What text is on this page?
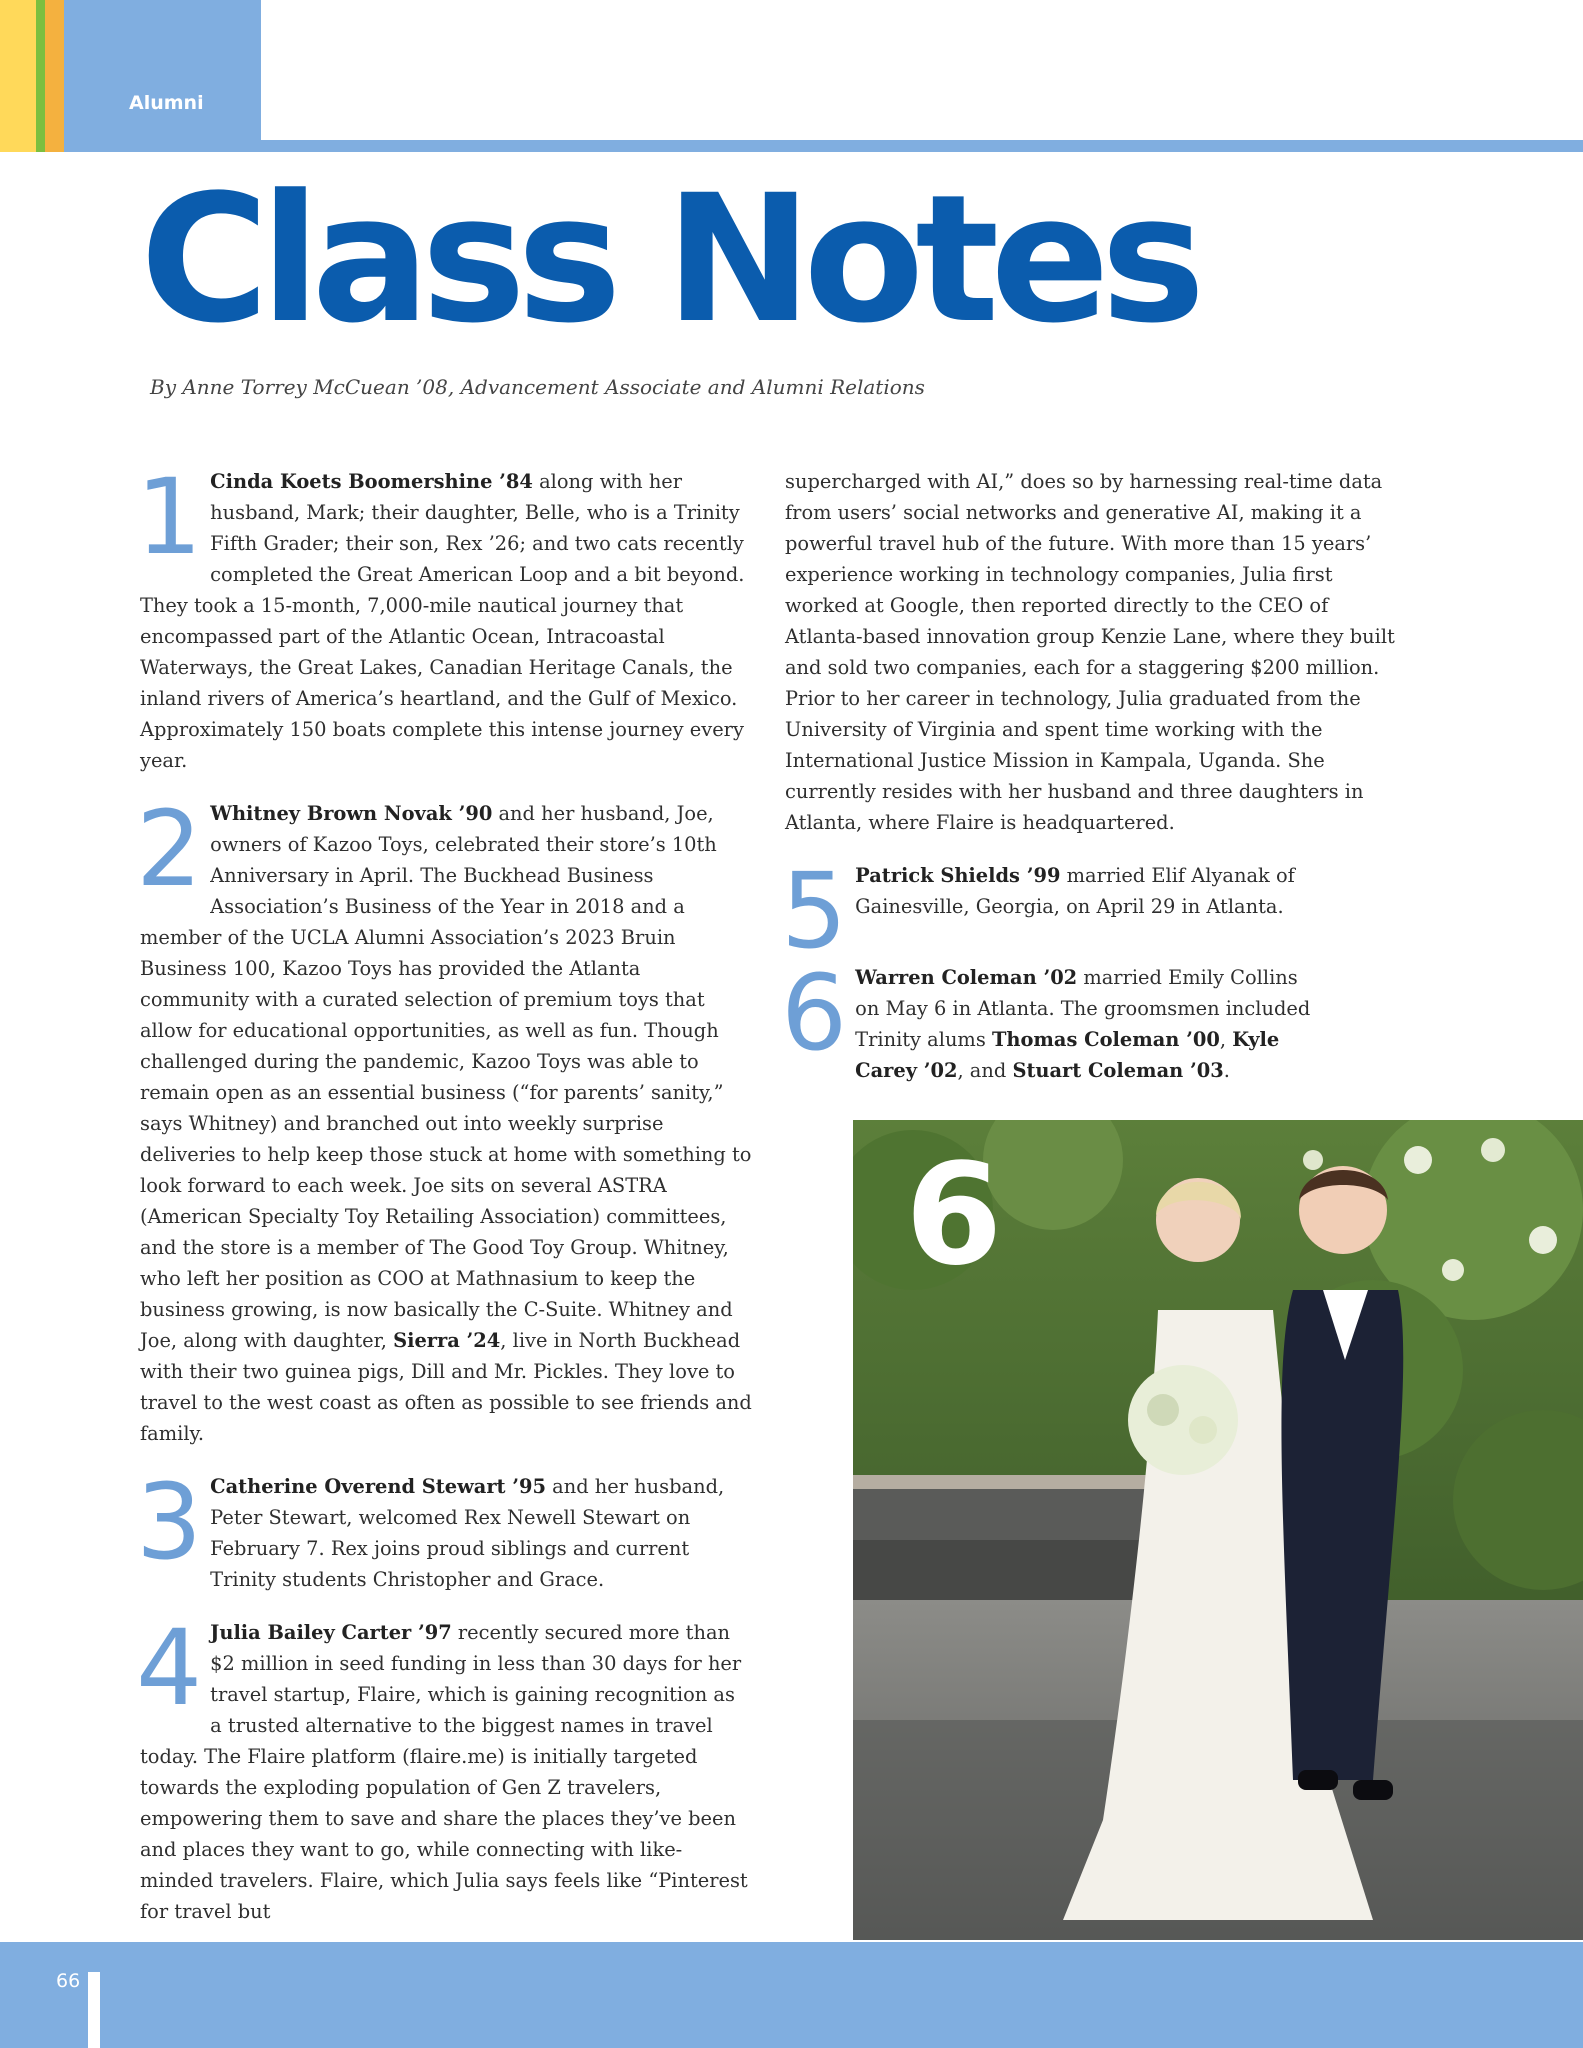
Alumni
Class Notes
By Anne Torrey McCuean ’08, Advancement Associate and Alumni Relations
1 Cinda Koets Boomershine ’84 along with her husband, Mark; their daughter, Belle, who is a Trinity Fifth Grader; their son, Rex ’26; and two cats recently completed the Great American Loop and a bit beyond. They took a 15-month, 7,000-mile nautical journey that encompassed part of the Atlantic Ocean, Intracoastal Waterways, the Great Lakes, Canadian Heritage Canals, the inland rivers of America’s heartland, and the Gulf of Mexico. Approximately 150 boats complete this intense journey every year.

2 Whitney Brown Novak ’90 and her husband, Joe, owners of Kazoo Toys, celebrated their store’s 10th Anniversary in April. The Buckhead Business Association’s Business of the Year in 2018 and a member of the UCLA Alumni Association’s 2023 Bruin Business 100, Kazoo Toys has provided the Atlanta community with a curated selection of premium toys that allow for educational opportunities, as well as fun. Though challenged during the pandemic, Kazoo Toys was able to remain open as an essential business (“for parents’ sanity,” says Whitney) and branched out into weekly surprise deliveries to help keep those stuck at home with something to look forward to each week. Joe sits on several ASTRA (American Specialty Toy Retailing Association) committees, and the store is a member of The Good Toy Group. Whitney, who left her position as COO at Mathnasium to keep the business growing, is now basically the C-Suite. Whitney and Joe, along with daughter, Sierra ’24, live in North Buckhead with their two guinea pigs, Dill and Mr. Pickles. They love to travel to the west coast as often as possible to see friends and family.

3 Catherine Overend Stewart ’95 and her husband, Peter Stewart, welcomed Rex Newell Stewart on February 7. Rex joins proud siblings and current Trinity students Christopher and Grace.

4 Julia Bailey Carter ’97 recently secured more than $2 million in seed funding in less than 30 days for her travel startup, Flaire, which is gaining recognition as a trusted alternative to the biggest names in travel today. The Flaire platform (flaire.me) is initially targeted towards the exploding population of Gen Z travelers, empowering them to save and share the places they’ve been and places they want to go, while connecting with like-minded travelers. Flaire, which Julia says feels like “Pinterest for travel but

supercharged with AI,” does so by harnessing real-time data from users’ social networks and generative AI, making it a powerful travel hub of the future. With more than 15 years’ experience working in technology companies, Julia first worked at Google, then reported directly to the CEO of Atlanta-based innovation group Kenzie Lane, where they built and sold two companies, each for a staggering $200 million. Prior to her career in technology, Julia graduated from the University of Virginia and spent time working with the International Justice Mission in Kampala, Uganda. She currently resides with her husband and three daughters in Atlanta, where Flaire is headquartered.

5 Patrick Shields ’99 married Elif Alyanak of Gainesville, Georgia, on April 29 in Atlanta.

6 Warren Coleman ’02 married Emily Collins on May 6 in Atlanta. The groomsmen included Trinity alums Thomas Coleman ’00, Kyle Carey ’02, and Stuart Coleman ’03.

6
66
